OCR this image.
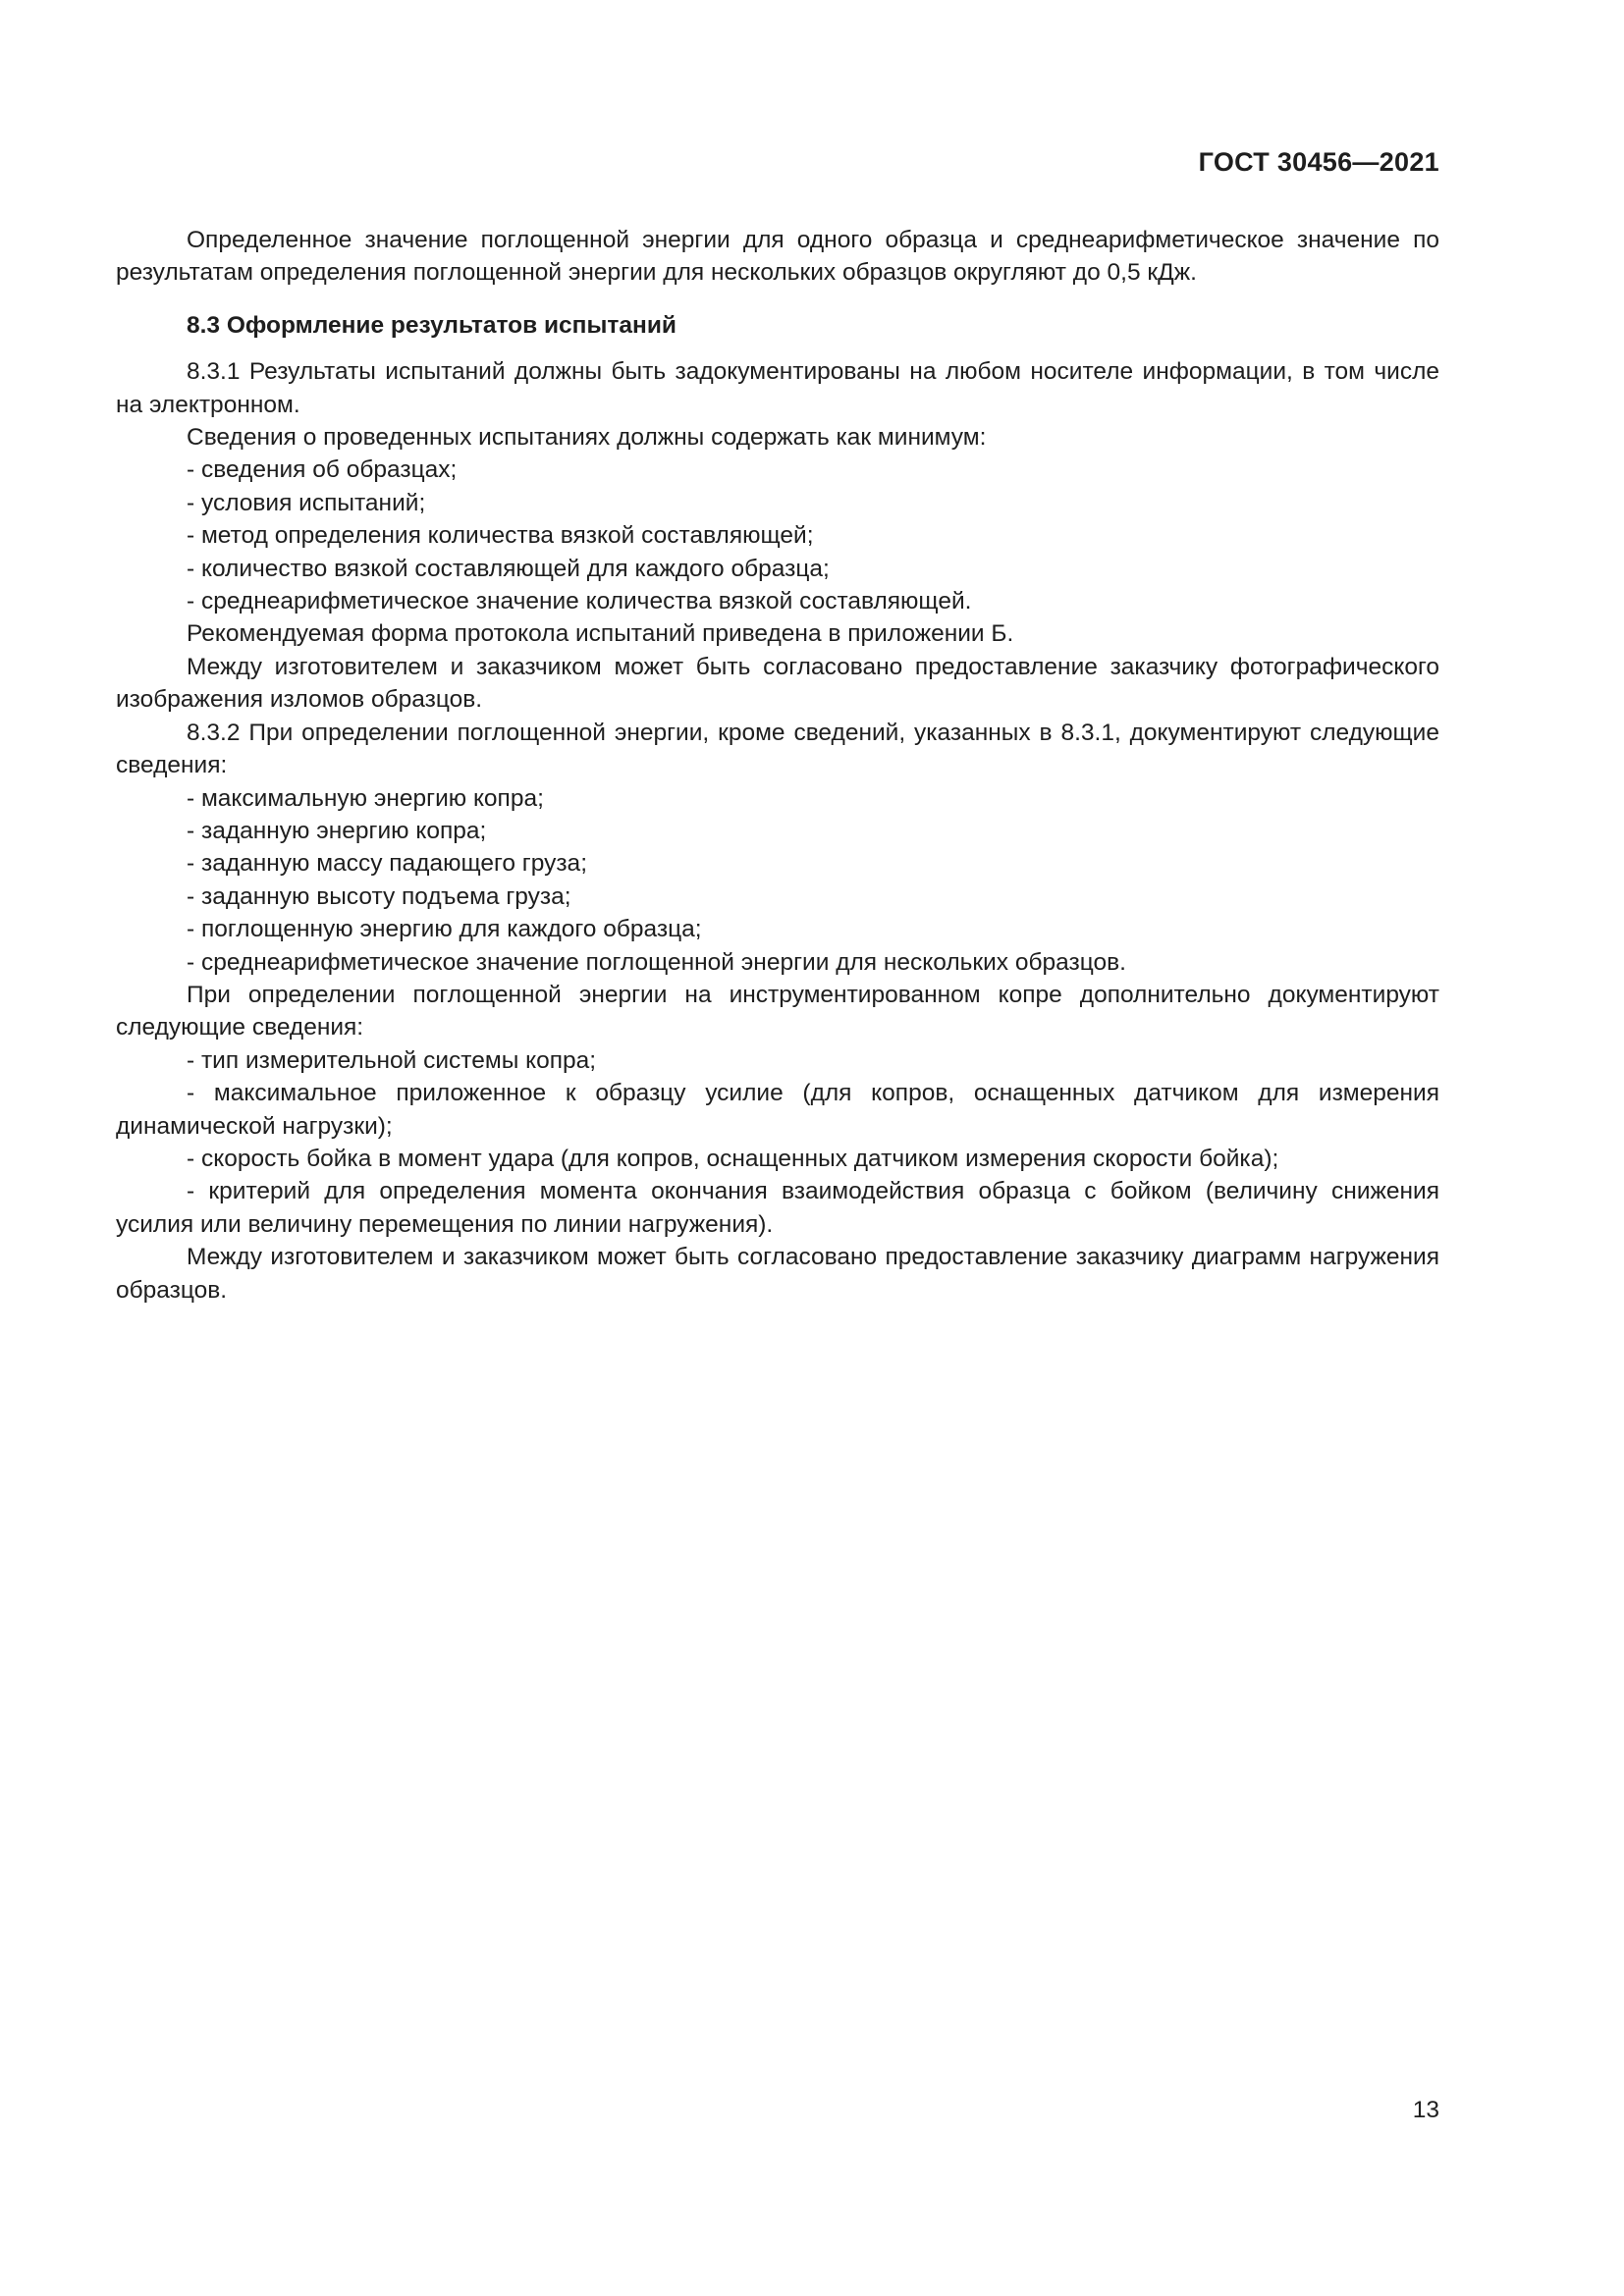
ГОСТ 30456—2021

Определенное значение поглощенной энергии для одного образца и среднеарифметическое значение по результатам определения поглощенной энергии для нескольких образцов округляют до 0,5 кДж.

8.3 Оформление результатов испытаний

8.3.1 Результаты испытаний должны быть задокументированы на любом носителе информации, в том числе на электронном.

Сведения о проведенных испытаниях должны содержать как минимум:

- сведения об образцах;

- условия испытаний;

- метод определения количества вязкой составляющей;

- количество вязкой составляющей для каждого образца;

- среднеарифметическое значение количества вязкой составляющей.

Рекомендуемая форма протокола испытаний приведена в приложении Б.

Между изготовителем и заказчиком может быть согласовано предоставление заказчику фотографического изображения изломов образцов.

8.3.2 При определении поглощенной энергии, кроме сведений, указанных в 8.3.1, документируют следующие сведения:

- максимальную энергию копра;

- заданную энергию копра;

- заданную массу падающего груза;

- заданную высоту подъема груза;

- поглощенную энергию для каждого образца;

- среднеарифметическое значение поглощенной энергии для нескольких образцов.

При определении поглощенной энергии на инструментированном копре дополнительно документируют следующие сведения:

- тип измерительной системы копра;

- максимальное приложенное к образцу усилие (для копров, оснащенных датчиком для измерения динамической нагрузки);

- скорость бойка в момент удара (для копров, оснащенных датчиком измерения скорости бойка);

- критерий для определения момента окончания взаимодействия образца с бойком (величину снижения усилия или величину перемещения по линии нагружения).

Между изготовителем и заказчиком может быть согласовано предоставление заказчику диаграмм нагружения образцов.

13
